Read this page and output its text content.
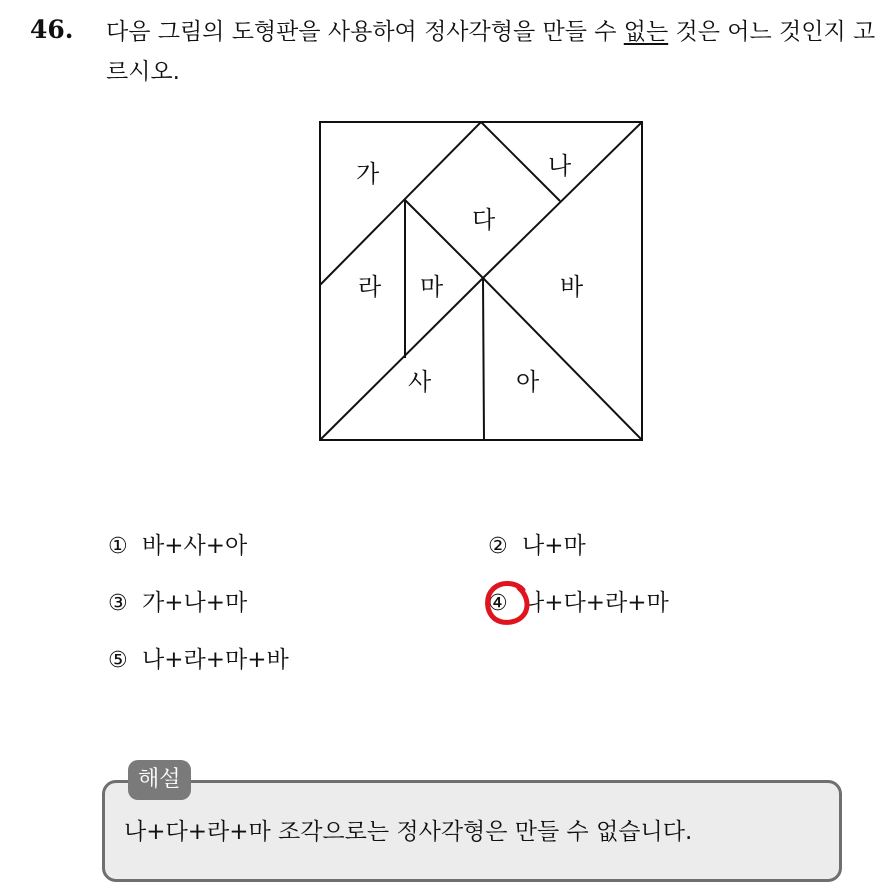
46. 다음 그림의 도형판을 사용하여 정사각형을 만들 수 없는 것은 어느 것인지 고르시오.
가	나
다
라 마	바
사	아
① 바+사+아	② 나+마
③ 가+나+마	④ 나+다+라+마
⑤ 나+라+마+바
해설
나+다+라+마 조각으로는 정사각형은 만들 수 없습니다.
